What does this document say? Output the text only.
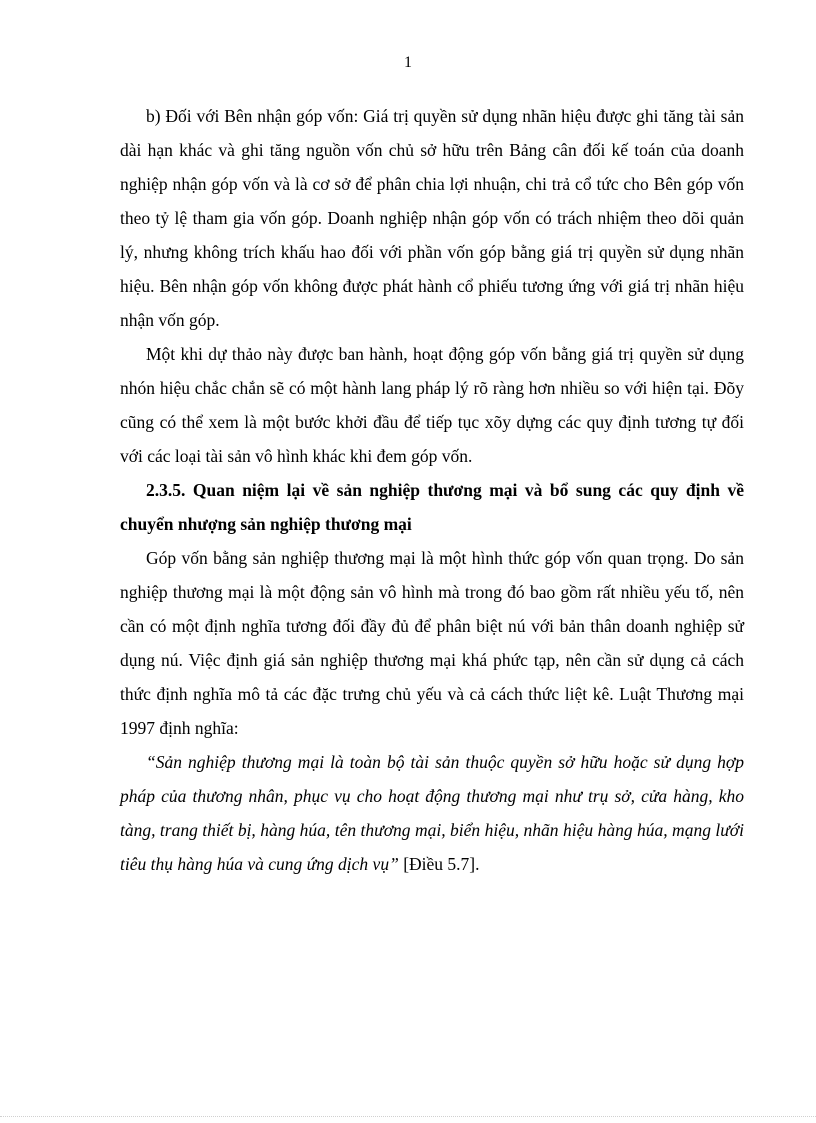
1

b) Đối với Bên nhận góp vốn: Giá trị quyền sử dụng nhãn hiệu được ghi tăng tài sản dài hạn khác và ghi tăng nguồn vốn chủ sở hữu trên Bảng cân đối kế toán của doanh nghiệp nhận góp vốn và là cơ sở để phân chia lợi nhuận, chi trả cổ tức cho Bên góp vốn theo tỷ lệ tham gia vốn góp. Doanh nghiệp nhận góp vốn có trách nhiệm theo dõi quản lý, nhưng không trích khấu hao đối với phần vốn góp bằng giá trị quyền sử dụng nhãn hiệu. Bên nhận góp vốn không được phát hành cổ phiếu tương ứng với giá trị nhãn hiệu nhận vốn góp.

Một khi dự thảo này được ban hành, hoạt động góp vốn bằng giá trị quyền sử dụng nhón hiệu chắc chắn sẽ có một hành lang pháp lý rõ ràng hơn nhiều so với hiện tại. Đõy cũng có thể xem là một bước khởi đầu để tiếp tục xõy dựng các quy định tương tự đối với các loại tài sản vô hình khác khi đem góp vốn.

2.3.5. Quan niệm lại về sản nghiệp thương mại và bổ sung các quy định về chuyển nhượng sản nghiệp thương mại

Góp vốn bằng sản nghiệp thương mại là một hình thức góp vốn quan trọng. Do sản nghiệp thương mại là một động sản vô hình mà trong đó bao gồm rất nhiều yếu tố, nên cần có một định nghĩa tương đối đầy đủ để phân biệt nú với bản thân doanh nghiệp sử dụng nú. Việc định giá sản nghiệp thương mại khá phức tạp, nên cần sử dụng cả cách thức định nghĩa mô tả các đặc trưng chủ yếu và cả cách thức liệt kê. Luật Thương mại 1997 định nghĩa:

“Sản nghiệp thương mại là toàn bộ tài sản thuộc quyền sở hữu hoặc sử dụng hợp pháp của thương nhân, phục vụ cho hoạt động thương mại như trụ sở, cửa hàng, kho tàng, trang thiết bị, hàng húa, tên thương mại, biển hiệu, nhãn hiệu hàng húa, mạng lưới tiêu thụ hàng húa và cung ứng dịch vụ” [Điều 5.7].
